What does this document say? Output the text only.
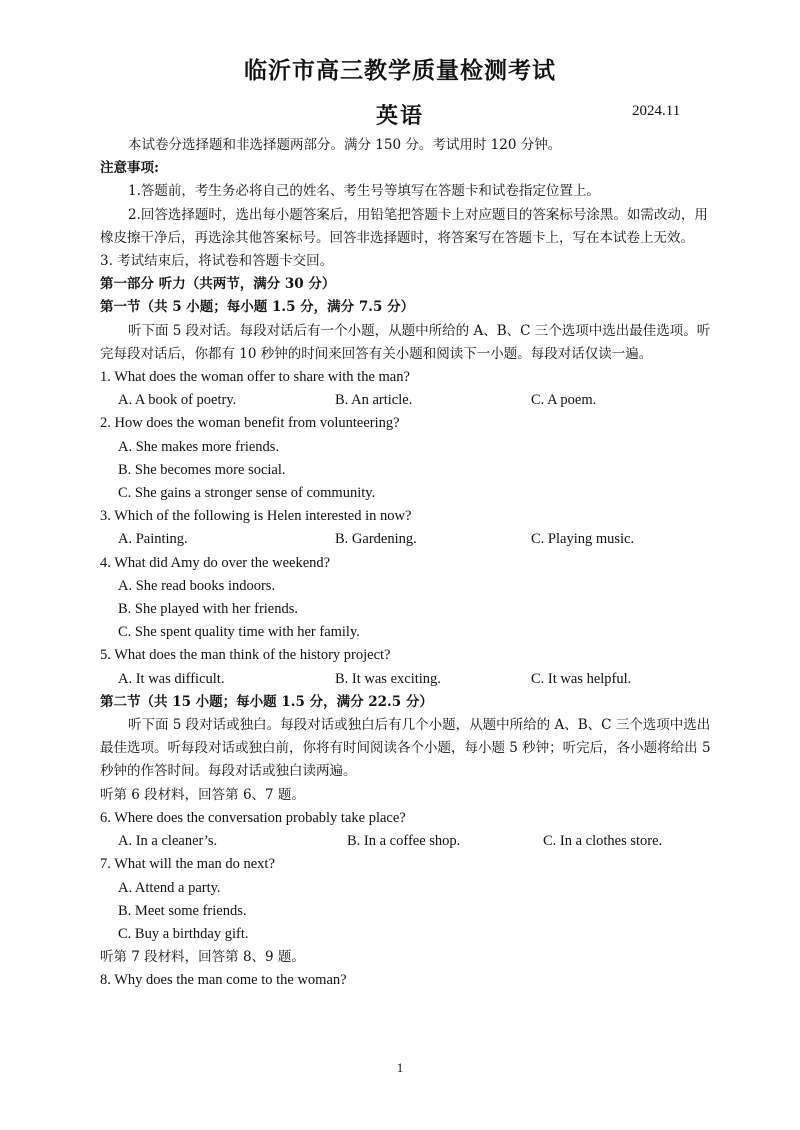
临沂市高三教学质量检测考试
英语	2024.11
本试卷分选择题和非选择题两部分。满分 150 分。考试用时 120 分钟。
注意事项:
1.答题前，考生务必将自己的姓名、考生号等填写在答题卡和试卷指定位置上。
2.回答选择题时，选出每小题答案后，用铅笔把答题卡上对应题目的答案标号涂黑。如需改动，用橡皮擦干净后，再选涂其他答案标号。回答非选择题时，将答案写在答题卡上，写在本试卷上无效。
3. 考试结束后，将试卷和答题卡交回。
第一部分 听力（共两节，满分 30 分）
第一节（共 5 小题；每小题 1.5 分，满分 7.5 分）
听下面 5 段对话。每段对话后有一个小题，从题中所给的 A、B、C 三个选项中选出最佳选项。听完每段对话后，你都有 10 秒钟的时间来回答有关小题和阅读下一小题。每段对话仅读一遍。
1. What does the woman offer to share with the man?
A. A book of poetry.	B. An article.	C. A poem.
2. How does the woman benefit from volunteering?
A. She makes more friends.
B. She becomes more social.
C. She gains a stronger sense of community.
3. Which of the following is Helen interested in now?
A. Painting.	B. Gardening.	C. Playing music.
4. What did Amy do over the weekend?
A. She read books indoors.
B. She played with her friends.
C. She spent quality time with her family.
5. What does the man think of the history project?
A. It was difficult.	B. It was exciting.	C. It was helpful.
第二节（共 15 小题；每小题 1.5 分，满分 22.5 分）
听下面 5 段对话或独白。每段对话或独白后有几个小题，从题中所给的 A、B、C 三个选项中选出最佳选项。听每段对话或独白前，你将有时间阅读各个小题，每小题 5 秒钟；听完后，各小题将给出 5 秒钟的作答时间。每段对话或独白读两遍。
听第 6 段材料，回答第 6、7 题。
6. Where does the conversation probably take place?
A. In a cleaner’s.	B. In a coffee shop.	C. In a clothes store.
7. What will the man do next?
A. Attend a party.
B. Meet some friends.
C. Buy a birthday gift.
听第 7 段材料，回答第 8、9 题。
8. Why does the man come to the woman?
1
